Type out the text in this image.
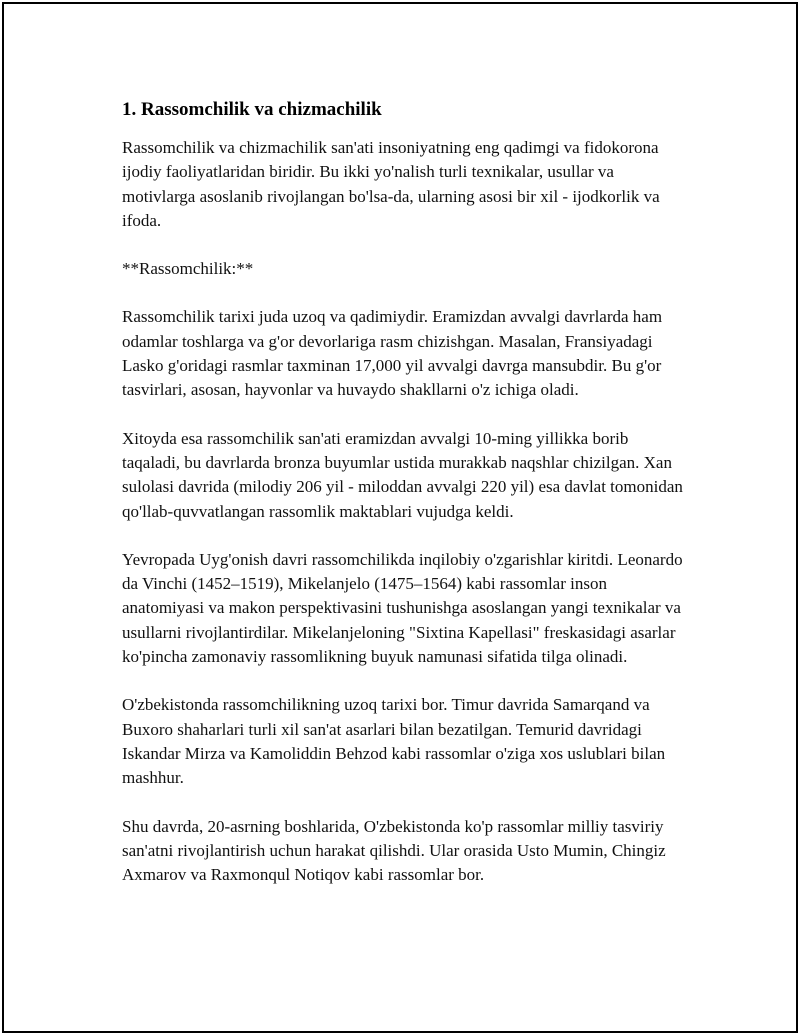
1. Rassomchilik va chizmachilik

Rassomchilik va chizmachilik san'ati insoniyatning eng qadimgi va fidokorona ijodiy faoliyatlaridan biridir. Bu ikki yo'nalish turli texnikalar, usullar va motivlarga asoslanib rivojlangan bo'lsa-da, ularning asosi bir xil - ijodkorlik va ifoda.

**Rassomchilik:**

Rassomchilik tarixi juda uzoq va qadimiydir. Eramizdan avvalgi davrlarda ham odamlar toshlarga va g'or devorlariga rasm chizishgan. Masalan, Fransiyadagi Lasko g'oridagi rasmlar taxminan 17,000 yil avvalgi davrga mansubdir. Bu g'or tasvirlari, asosan, hayvonlar va huvaydo shakllarni o'z ichiga oladi.

Xitoyda esa rassomchilik san'ati eramizdan avvalgi 10-ming yillikka borib taqaladi, bu davrlarda bronza buyumlar ustida murakkab naqshlar chizilgan. Xan sulolasi davrida (milodiy 206 yil - miloddan avvalgi 220 yil) esa davlat tomonidan qo'llab-quvvatlangan rassomlik maktablari vujudga keldi.

Yevropada Uyg'onish davri rassomchilikda inqilobiy o'zgarishlar kiritdi. Leonardo da Vinchi (1452–1519), Mikelanjelo (1475–1564) kabi rassomlar inson anatomiyasi va makon perspektivasini tushunishga asoslangan yangi texnikalar va usullarni rivojlantirdilar. Mikelanjeloning "Sixtina Kapellasi" freskasidagi asarlar ko'pincha zamonaviy rassomlikning buyuk namunasi sifatida tilga olinadi.

O'zbekistonda rassomchilikning uzoq tarixi bor. Timur davrida Samarqand va Buxoro shaharlari turli xil san'at asarlari bilan bezatilgan. Temurid davridagi Iskandar Mirza va Kamoliddin Behzod kabi rassomlar o'ziga xos uslublari bilan mashhur.

Shu davrda, 20-asrning boshlarida, O'zbekistonda ko'p rassomlar milliy tasviriy san'atni rivojlantirish uchun harakat qilishdi. Ular orasida Usto Mumin, Chingiz Axmarov va Raxmonqul Notiqov kabi rassomlar bor.
